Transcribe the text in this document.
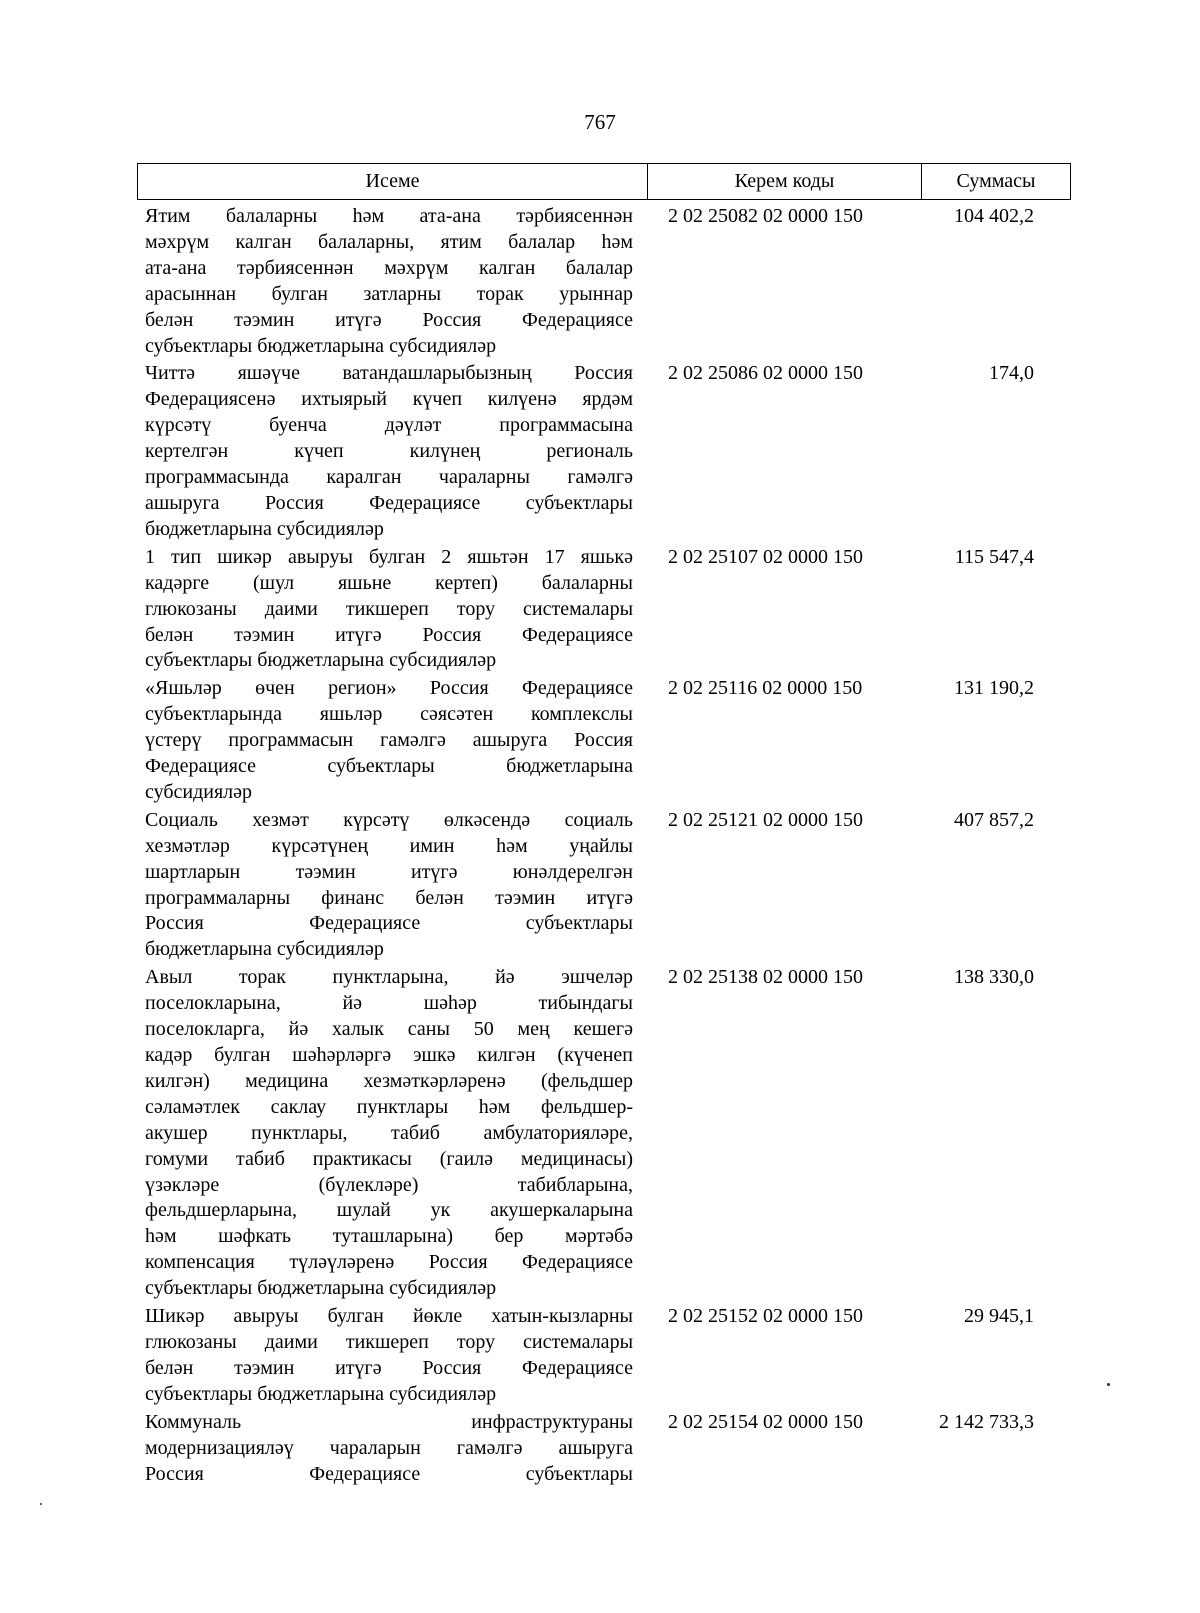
767
Исеме	Керем коды	Суммасы
Ятим балаларны һәм ата-ана тәрбиясеннән
мәхрүм калган балаларны, ятим балалар һәм
ата-ана тәрбиясеннән мәхрүм калган балалар
арасыннан булган затларны торак урыннар
белән тәэмин итүгә Россия Федерациясе
субъектлары бюджетларына субсидияләр
2 02 25082 02 0000 150	104 402,2
Читтә яшәүче ватандашларыбызның Россия
Федерациясенә ихтыярый күчеп килүенә ярдәм
күрсәтү буенча дәүләт программасына
кертелгән күчеп килүнең региональ
программасында каралган чараларны гамәлгә
ашыруга Россия Федерациясе субъектлары
бюджетларына субсидияләр
2 02 25086 02 0000 150	174,0
1 тип шикәр авыруы булган 2 яшьтән 17 яшькә
кадәрге (шул яшьне кертеп) балаларны
глюкозаны даими тикшереп тору системалары
белән тәэмин итүгә Россия Федерациясе
субъектлары бюджетларына субсидияләр
2 02 25107 02 0000 150	115 547,4
«Яшьләр өчен регион» Россия Федерациясе
субъектларында яшьләр сәясәтен комплекслы
үстерү программасын гамәлгә ашыруга Россия
Федерациясе субъектлары бюджетларына
субсидияләр
2 02 25116 02 0000 150	131 190,2
Социаль хезмәт күрсәтү өлкәсендә социаль
хезмәтләр күрсәтүнең имин һәм уңайлы
шартларын тәэмин итүгә юнәлдерелгән
программаларны финанс белән тәэмин итүгә
Россия Федерациясе субъектлары
бюджетларына субсидияләр
2 02 25121 02 0000 150	407 857,2
Авыл торак пунктларына, йә эшчеләр
поселокларына, йә шәһәр тибындагы
поселокларга, йә халык саны 50 мең кешегә
кадәр булган шәһәрләргә эшкә килгән (күченеп
килгән) медицина хезмәткәрләренә (фельдшер
сәламәтлек саклау пунктлары һәм фельдшер-
акушер пунктлары, табиб амбулаторияләре,
гомуми табиб практикасы (гаилә медицинасы)
үзәкләре (бүлекләре) табибларына,
фельдшерларына, шулай ук акушеркаларына
һәм шәфкать туташларына) бер мәртәбә
компенсация түләүләренә Россия Федерациясе
субъектлары бюджетларына субсидияләр
2 02 25138 02 0000 150	138 330,0
Шикәр авыруы булган йөкле хатын-кызларны
глюкозаны даими тикшереп тору системалары
белән тәэмин итүгә Россия Федерациясе
субъектлары бюджетларына субсидияләр
2 02 25152 02 0000 150	29 945,1
Коммуналь инфраструктураны
модернизацияләү чараларын гамәлгә ашыруга
Россия Федерациясе субъектлары
2 02 25154 02 0000 150	2 142 733,3
